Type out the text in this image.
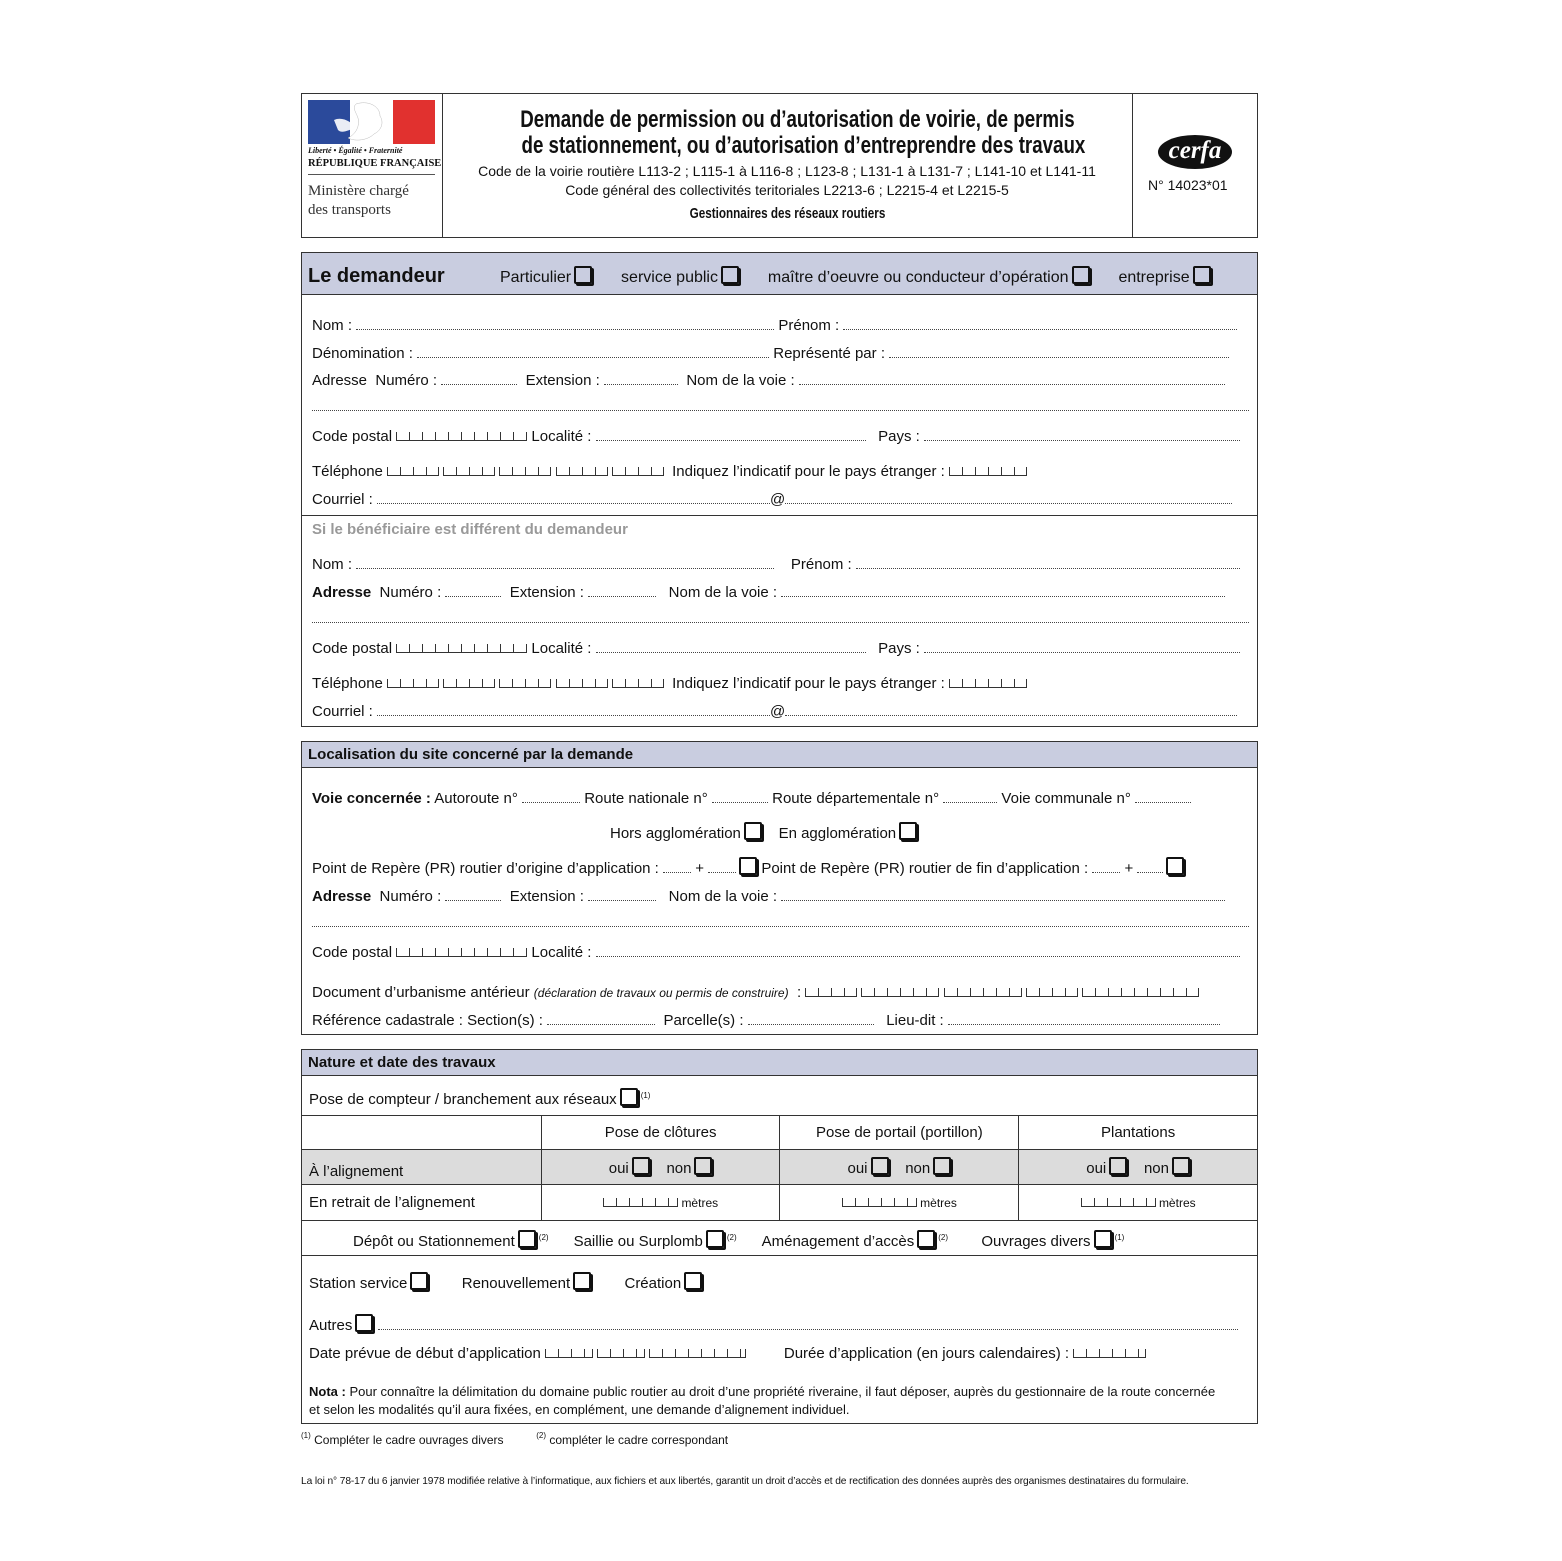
Liberté • Égalité • Fraternité
RÉPUBLIQUE FRANÇAISE
Ministère chargé
des transports
Demande de permission ou d’autorisation de voirie, de permis
de stationnement, ou d’autorisation d’entreprendre des travaux
Code de la voirie routière L113-2 ; L115-1 à L116-8 ; L123-8 ; L131-1 à L131-7 ; L141-10 et L141-11
Code général des collectivités teritoriales L2213-6 ; L2215-4 et L2215-5
Gestionnaires des réseaux routiers
cerfa
N° 14023*01
Le demandeur	Particulier	service public	maître d’oeuvre ou conducteur d’opération	entreprise
Nom :	Prénom :
Dénomination :	Représenté par :
Adresse Numéro :	Extension :	Nom de la voie :
Code postal	Localité :	Pays :
Téléphone	Indiquez l’indicatif pour le pays étranger :
Courriel :	@
Si le bénéficiaire est différent du demandeur
Nom :	Prénom :
Adresse Numéro :	Extension :	Nom de la voie :
Code postal	Localité :	Pays :
Téléphone	Indiquez l’indicatif pour le pays étranger :
Courriel :	@
Localisation du site concerné par la demande
Voie concernée : Autoroute n°	Route nationale n°	Route départementale n°	Voie communale n°
Hors agglomération	En agglomération
Point de Repère (PR) routier d’origine d’application : +	Point de Repère (PR) routier de fin d’application : +
Adresse Numéro :	Extension :	Nom de la voie :
Code postal	Localité :
Document d’urbanisme antérieur (déclaration de travaux ou permis de construire) :
Référence cadastrale : Section(s) :	Parcelle(s) :	Lieu-dit :
Nature et date des travaux
Pose de compteur / branchement aux réseaux	$^{(1)}$
	Pose de clôtures	Pose de portail (portillon)	Plantations
À l’alignement	oui non	oui non	oui non
En retrait de l’alignement	mètres	mètres	mètres
Dépôt ou Stationnement	$^{(2)}$ Saillie ou Surplomb	$^{(2)}$ Aménagement d’accès	$^{(2)}$ Ouvrages divers	$^{(1)}$
Station service	Renouvellement	Création
Autres
Date prévue de début d’application	Durée d’application (en jours calendaires) :
Nota : Pour connaître la délimitation du domaine public routier au droit d’une propriété riveraine, il faut déposer, auprès du gestionnaire de la route concernée
et selon les modalités qu’il aura fixées, en complément, une demande d’alignement individuel.
$^{(1)}$ Compléter le cadre ouvrages divers	$^{(2)}$ compléter le cadre correspondant
La loi n° 78-17 du 6 janvier 1978 modifiée relative à l’informatique, aux fichiers et aux libertés, garantit un droit d’accès et de rectification des données auprès des organismes destinataires du formulaire.
